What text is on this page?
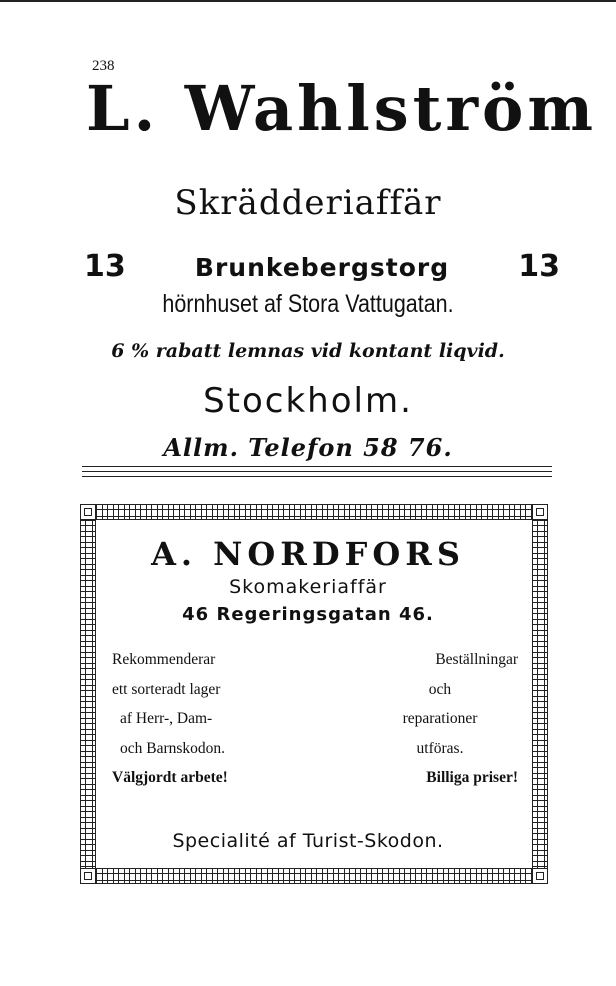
238
L. Wahlström
Skrädderiaffär
13	Brunkebergstorg 13
hörnhuset af Stora Vattugatan.
6 % rabatt lemnas vid kontant liqvid.
Stockholm.
Allm. Telefon 58 76.
A. NORDFORS
Skomakeriaffär
46 Regeringsgatan 46.
Rekommenderar
ett sorteradt lager
af Herr-, Dam-
och Barnskodon.
Välgjordt arbete!
Beställningar
och
reparationer
utföras.
Billiga priser!
Specialité af Turist-Skodon.
